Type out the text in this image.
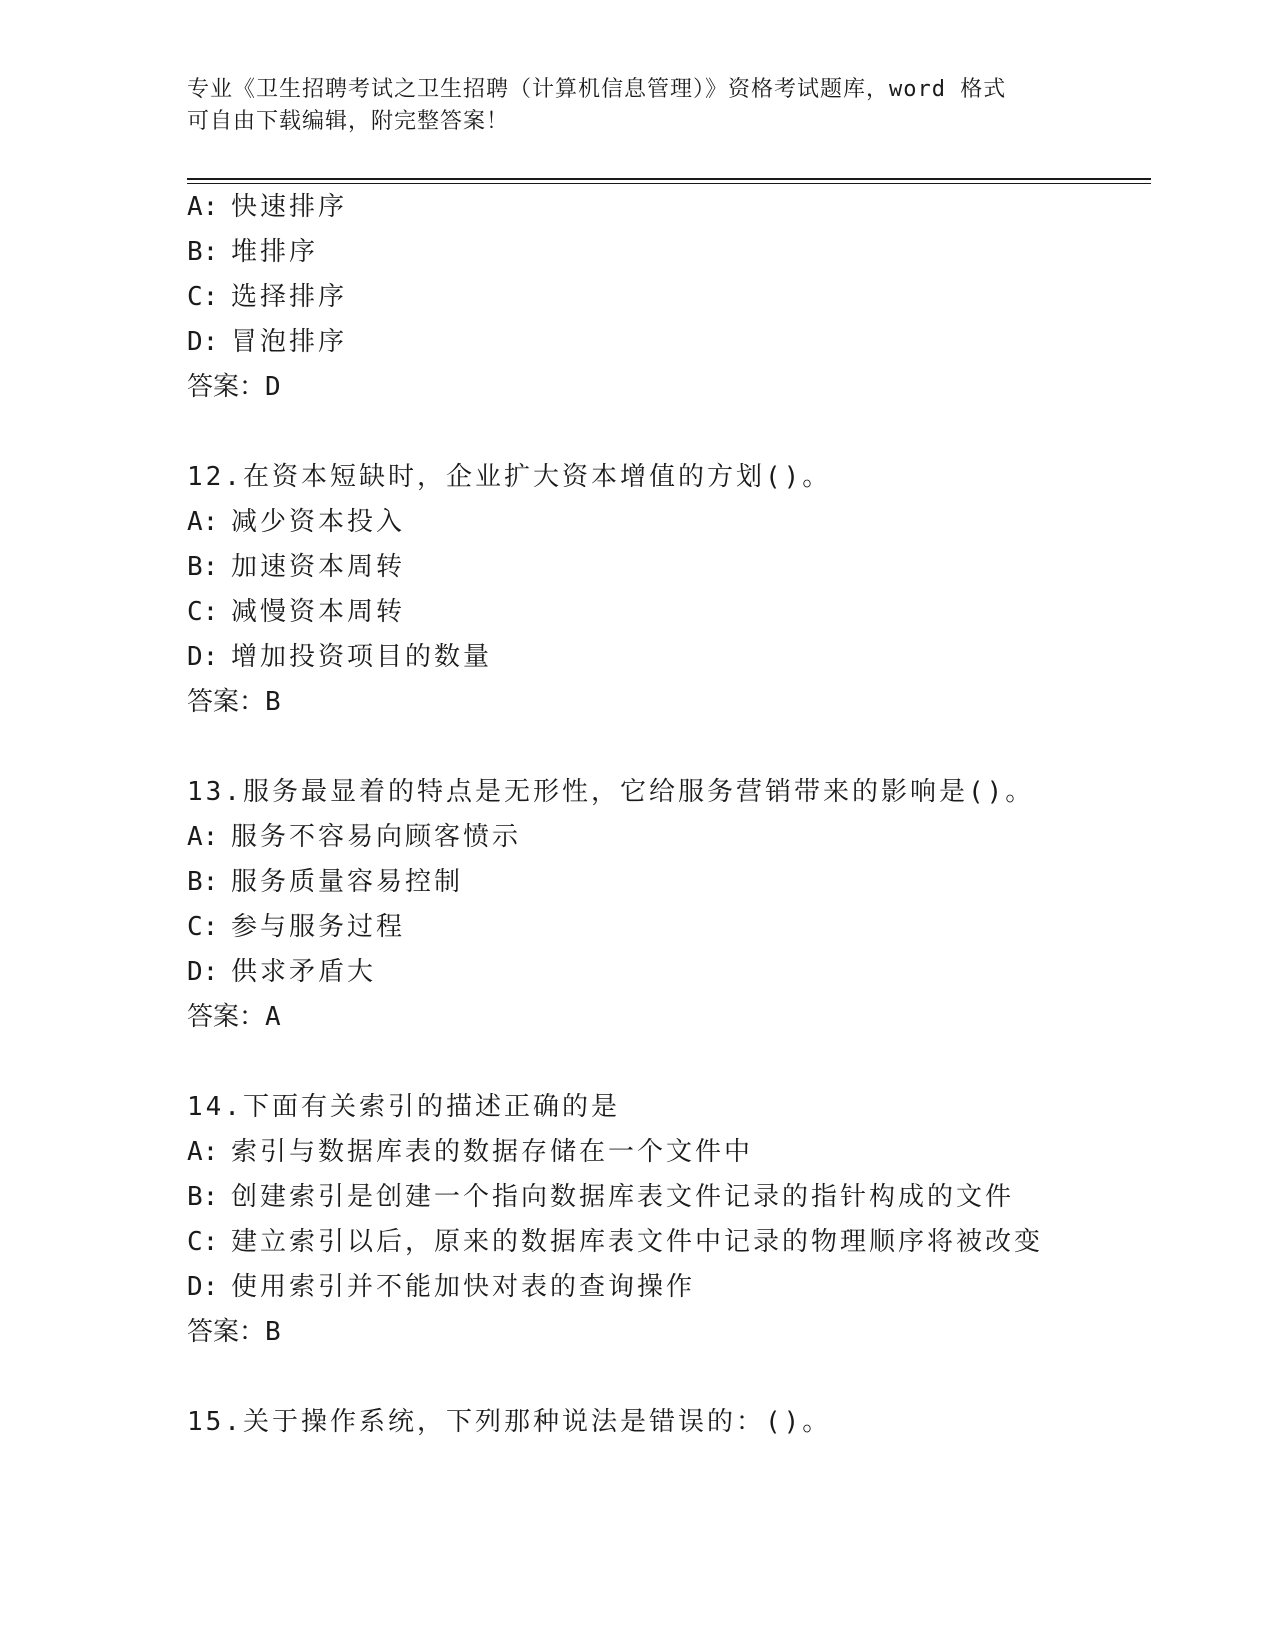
专业《卫生招聘考试之卫生招聘（计算机信息管理）》资格考试题库，word 格式
可自由下载编辑，附完整答案！
A: 快速排序
B: 堆排序
C: 选择排序
D: 冒泡排序
答案：D
12.在资本短缺时，企业扩大资本增值的方划()。
A: 减少资本投入
B: 加速资本周转
C: 减慢资本周转
D: 增加投资项目的数量
答案：B
13.服务最显着的特点是无形性，它给服务营销带来的影响是()。
A: 服务不容易向顾客愤示
B: 服务质量容易控制
C: 参与服务过程
D: 供求矛盾大
答案：A
14.下面有关索引的描述正确的是
A: 索引与数据库表的数据存储在一个文件中
B: 创建索引是创建一个指向数据库表文件记录的指针构成的文件
C: 建立索引以后，原来的数据库表文件中记录的物理顺序将被改变
D: 使用索引并不能加快对表的查询操作
答案：B
15.关于操作系统，下列那种说法是错误的：()。
